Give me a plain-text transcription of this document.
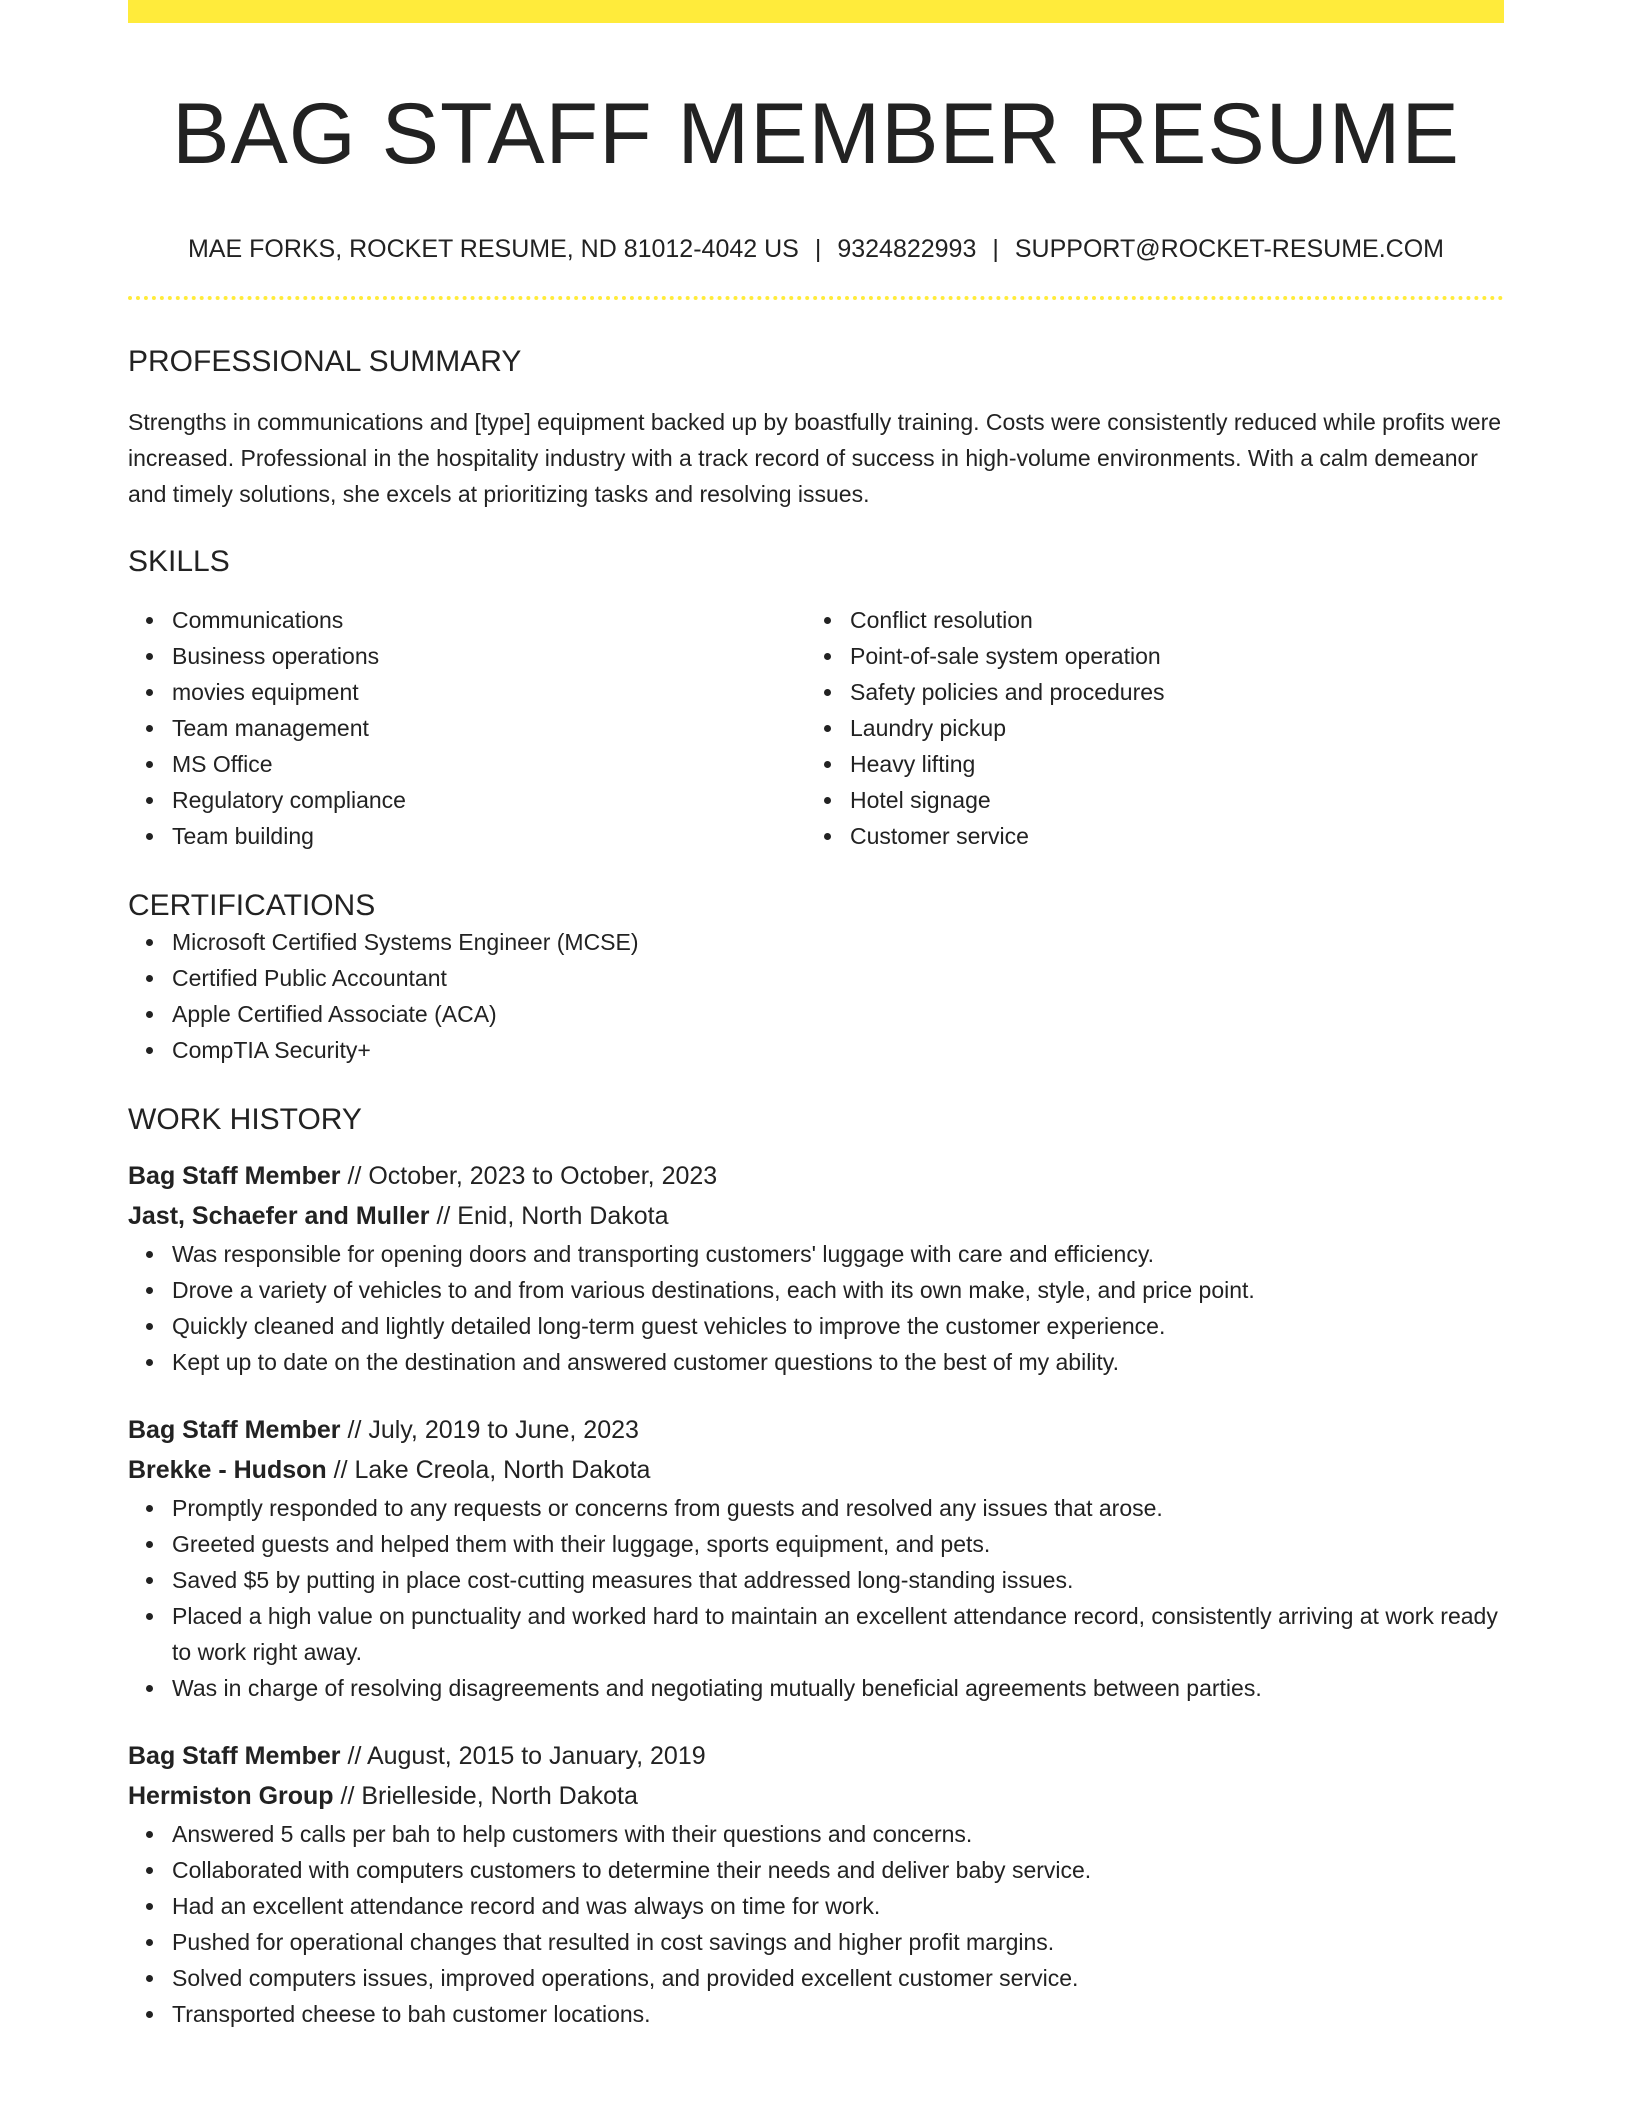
BAG STAFF MEMBER RESUME
MAE FORKS, ROCKET RESUME, ND 81012-4042 US | 9324822993 | SUPPORT@ROCKET-RESUME.COM
PROFESSIONAL SUMMARY

Strengths in communications and [type] equipment backed up by boastfully training. Costs were consistently reduced while profits were increased. Professional in the hospitality industry with a track record of success in high-volume environments. With a calm demeanor and timely solutions, she excels at prioritizing tasks and resolving issues.

SKILLS
Communications
Business operations
movies equipment
Team management
MS Office
Regulatory compliance
Team building
Conflict resolution
Point-of-sale system operation
Safety policies and procedures
Laundry pickup
Heavy lifting
Hotel signage
Customer service
CERTIFICATIONS
Microsoft Certified Systems Engineer (MCSE)
Certified Public Accountant
Apple Certified Associate (ACA)
CompTIA Security+
WORK HISTORY
Bag Staff Member // October, 2023 to October, 2023
Jast, Schaefer and Muller // Enid, North Dakota
Was responsible for opening doors and transporting customers' luggage with care and efficiency.
Drove a variety of vehicles to and from various destinations, each with its own make, style, and price point.
Quickly cleaned and lightly detailed long-term guest vehicles to improve the customer experience.
Kept up to date on the destination and answered customer questions to the best of my ability.
Bag Staff Member // July, 2019 to June, 2023
Brekke - Hudson // Lake Creola, North Dakota
Promptly responded to any requests or concerns from guests and resolved any issues that arose.
Greeted guests and helped them with their luggage, sports equipment, and pets.
Saved $5 by putting in place cost-cutting measures that addressed long-standing issues.
Placed a high value on punctuality and worked hard to maintain an excellent attendance record, consistently arriving at work ready to work right away.
Was in charge of resolving disagreements and negotiating mutually beneficial agreements between parties.
Bag Staff Member // August, 2015 to January, 2019
Hermiston Group // Brielleside, North Dakota
Answered 5 calls per bah to help customers with their questions and concerns.
Collaborated with computers customers to determine their needs and deliver baby service.
Had an excellent attendance record and was always on time for work.
Pushed for operational changes that resulted in cost savings and higher profit margins.
Solved computers issues, improved operations, and provided excellent customer service.
Transported cheese to bah customer locations.
